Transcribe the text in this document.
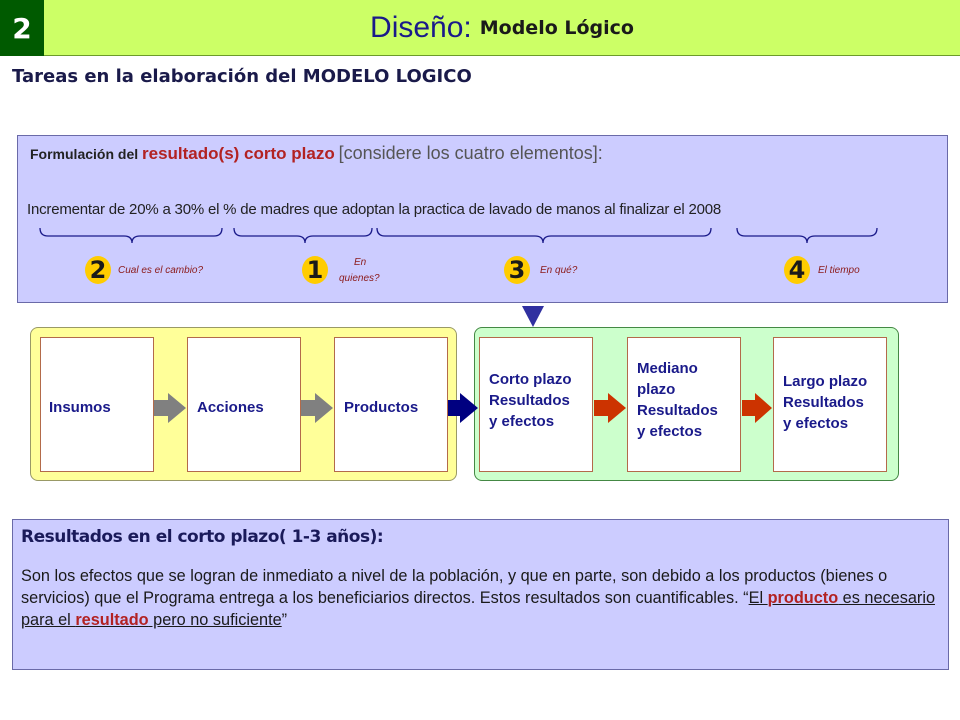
2	Diseño: Modelo Lógico
Tareas en la elaboración del MODELO LOGICO
Formulación del resultado(s) corto plazo [considere los cuatro elementos]:
Incrementar de 20% a 30% el % de madres que adoptan la practica de lavado de manos al finalizar el 2008
2	Cual es el cambio?	1	En
quienes?	3	En qué?	4	El tiempo
Insumos	Acciones	Productos
Corto plazo
Resultados
y efectos
Mediano
plazo
Resultados
y efectos
Largo plazo
Resultados
y efectos
Resultados en el corto plazo( 1-3 años):
Son los efectos que se logran de inmediato a nivel de la población, y que en parte, son debido a los productos (bienes o servicios) que el Programa entrega a los beneficiarios directos. Estos resultados son cuantificables. “El producto es necesario para el resultado pero no suficiente”
